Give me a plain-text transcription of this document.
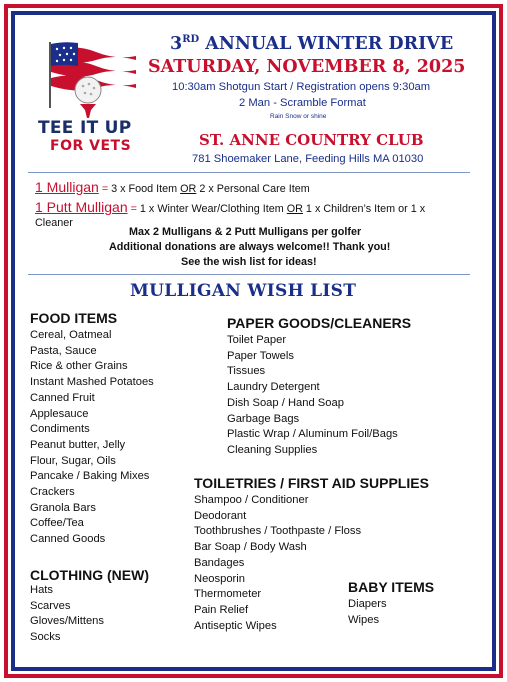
TEE IT UP
FOR VETS
3RD ANNUAL WINTER DRIVE
SATURDAY, NOVEMBER 8, 2025
10:30am Shotgun Start / Registration opens 9:30am
2 Man - Scramble Format
Rain Snow or shine
ST. ANNE COUNTRY CLUB
781 Shoemaker Lane, Feeding Hills MA 01030
1 Mulligan = 3 x Food Item OR 2 x Personal Care Item
1 Putt Mulligan = 1 x Winter Wear/Clothing Item OR 1 x Children’s Item or 1 x
Cleaner
Max 2 Mulligans & 2 Putt Mulligans per golfer
Additional donations are always welcome!! Thank you!
See the wish list for ideas!
MULLIGAN WISH LIST
FOOD ITEMS
Cereal, Oatmeal
Pasta, Sauce
Rice & other Grains
Instant Mashed Potatoes
Canned Fruit
Applesauce
Condiments
Peanut butter, Jelly
Flour, Sugar, Oils
Pancake / Baking Mixes
Crackers
Granola Bars
Coffee/Tea
Canned Goods
CLOTHING (NEW)
Hats
Scarves
Gloves/Mittens
Socks
PAPER GOODS/CLEANERS
Toilet Paper
Paper Towels
Tissues
Laundry Detergent
Dish Soap / Hand Soap
Garbage Bags
Plastic Wrap / Aluminum Foil/Bags
Cleaning Supplies
TOILETRIES / FIRST AID SUPPLIES
Shampoo / Conditioner
Deodorant
Toothbrushes / Toothpaste / Floss
Bar Soap / Body Wash
Bandages
Neosporin
Thermometer
Pain Relief
Antiseptic Wipes
BABY ITEMS
Diapers
Wipes
